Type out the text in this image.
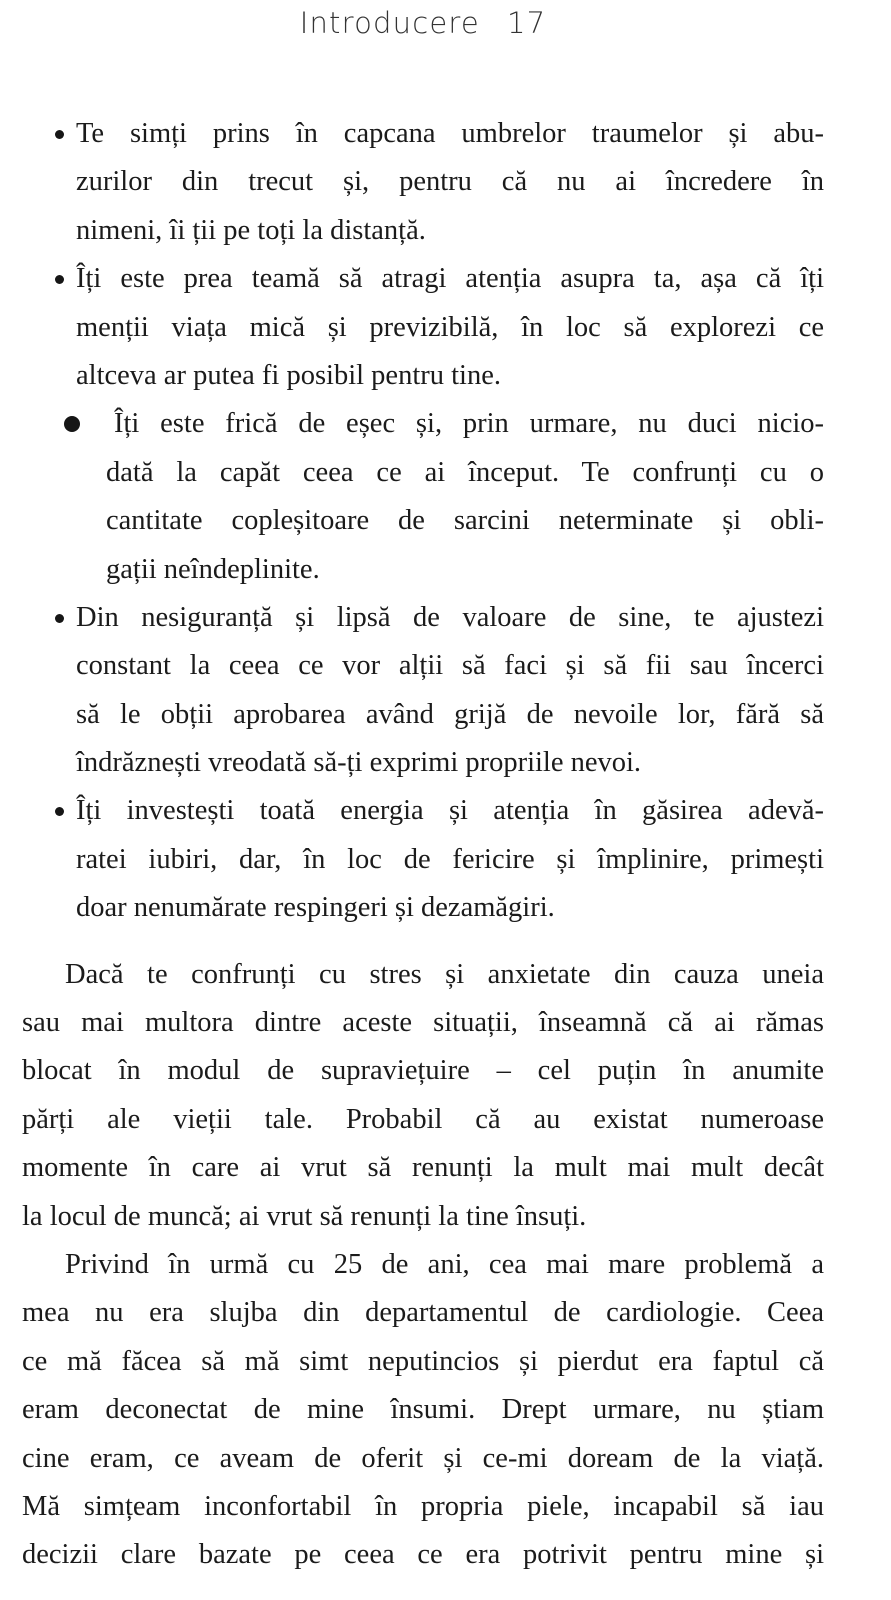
Introducere 17
Te simți prins în capcana umbrelor traumelor și abu-
zurilor din trecut și, pentru că nu ai încredere în
nimeni, îi ții pe toți la distanță.
Îți este prea teamă să atragi atenția asupra ta, așa că îți
menții viața mică și previzibilă, în loc să explorezi ce
altceva ar putea fi posibil pentru tine.
Îți este frică de eșec și, prin urmare, nu duci nicio-
dată la capăt ceea ce ai început. Te confrunți cu o
cantitate copleșitoare de sarcini neterminate și obli-
gații neîndeplinite.
Din nesiguranță și lipsă de valoare de sine, te ajustezi
constant la ceea ce vor alții să faci și să fii sau încerci
să le obții aprobarea având grijă de nevoile lor, fără să
îndrăznești vreodată să-ți exprimi propriile nevoi.
Îți investești toată energia și atenția în găsirea adevă-
ratei iubiri, dar, în loc de fericire și împlinire, primești
doar nenumărate respingeri și dezamăgiri.
Dacă te confrunți cu stres și anxietate din cauza uneia
sau mai multora dintre aceste situații, înseamnă că ai rămas
blocat în modul de supraviețuire – cel puțin în anumite
părți ale vieții tale. Probabil că au existat numeroase
momente în care ai vrut să renunți la mult mai mult decât
la locul de muncă; ai vrut să renunți la tine însuți.
Privind în urmă cu 25 de ani, cea mai mare problemă a
mea nu era slujba din departamentul de cardiologie. Ceea
ce mă făcea să mă simt neputincios și pierdut era faptul că
eram deconectat de mine însumi. Drept urmare, nu știam
cine eram, ce aveam de oferit și ce-mi doream de la viață.
Mă simțeam inconfortabil în propria piele, incapabil să iau
decizii clare bazate pe ceea ce era potrivit pentru mine și
